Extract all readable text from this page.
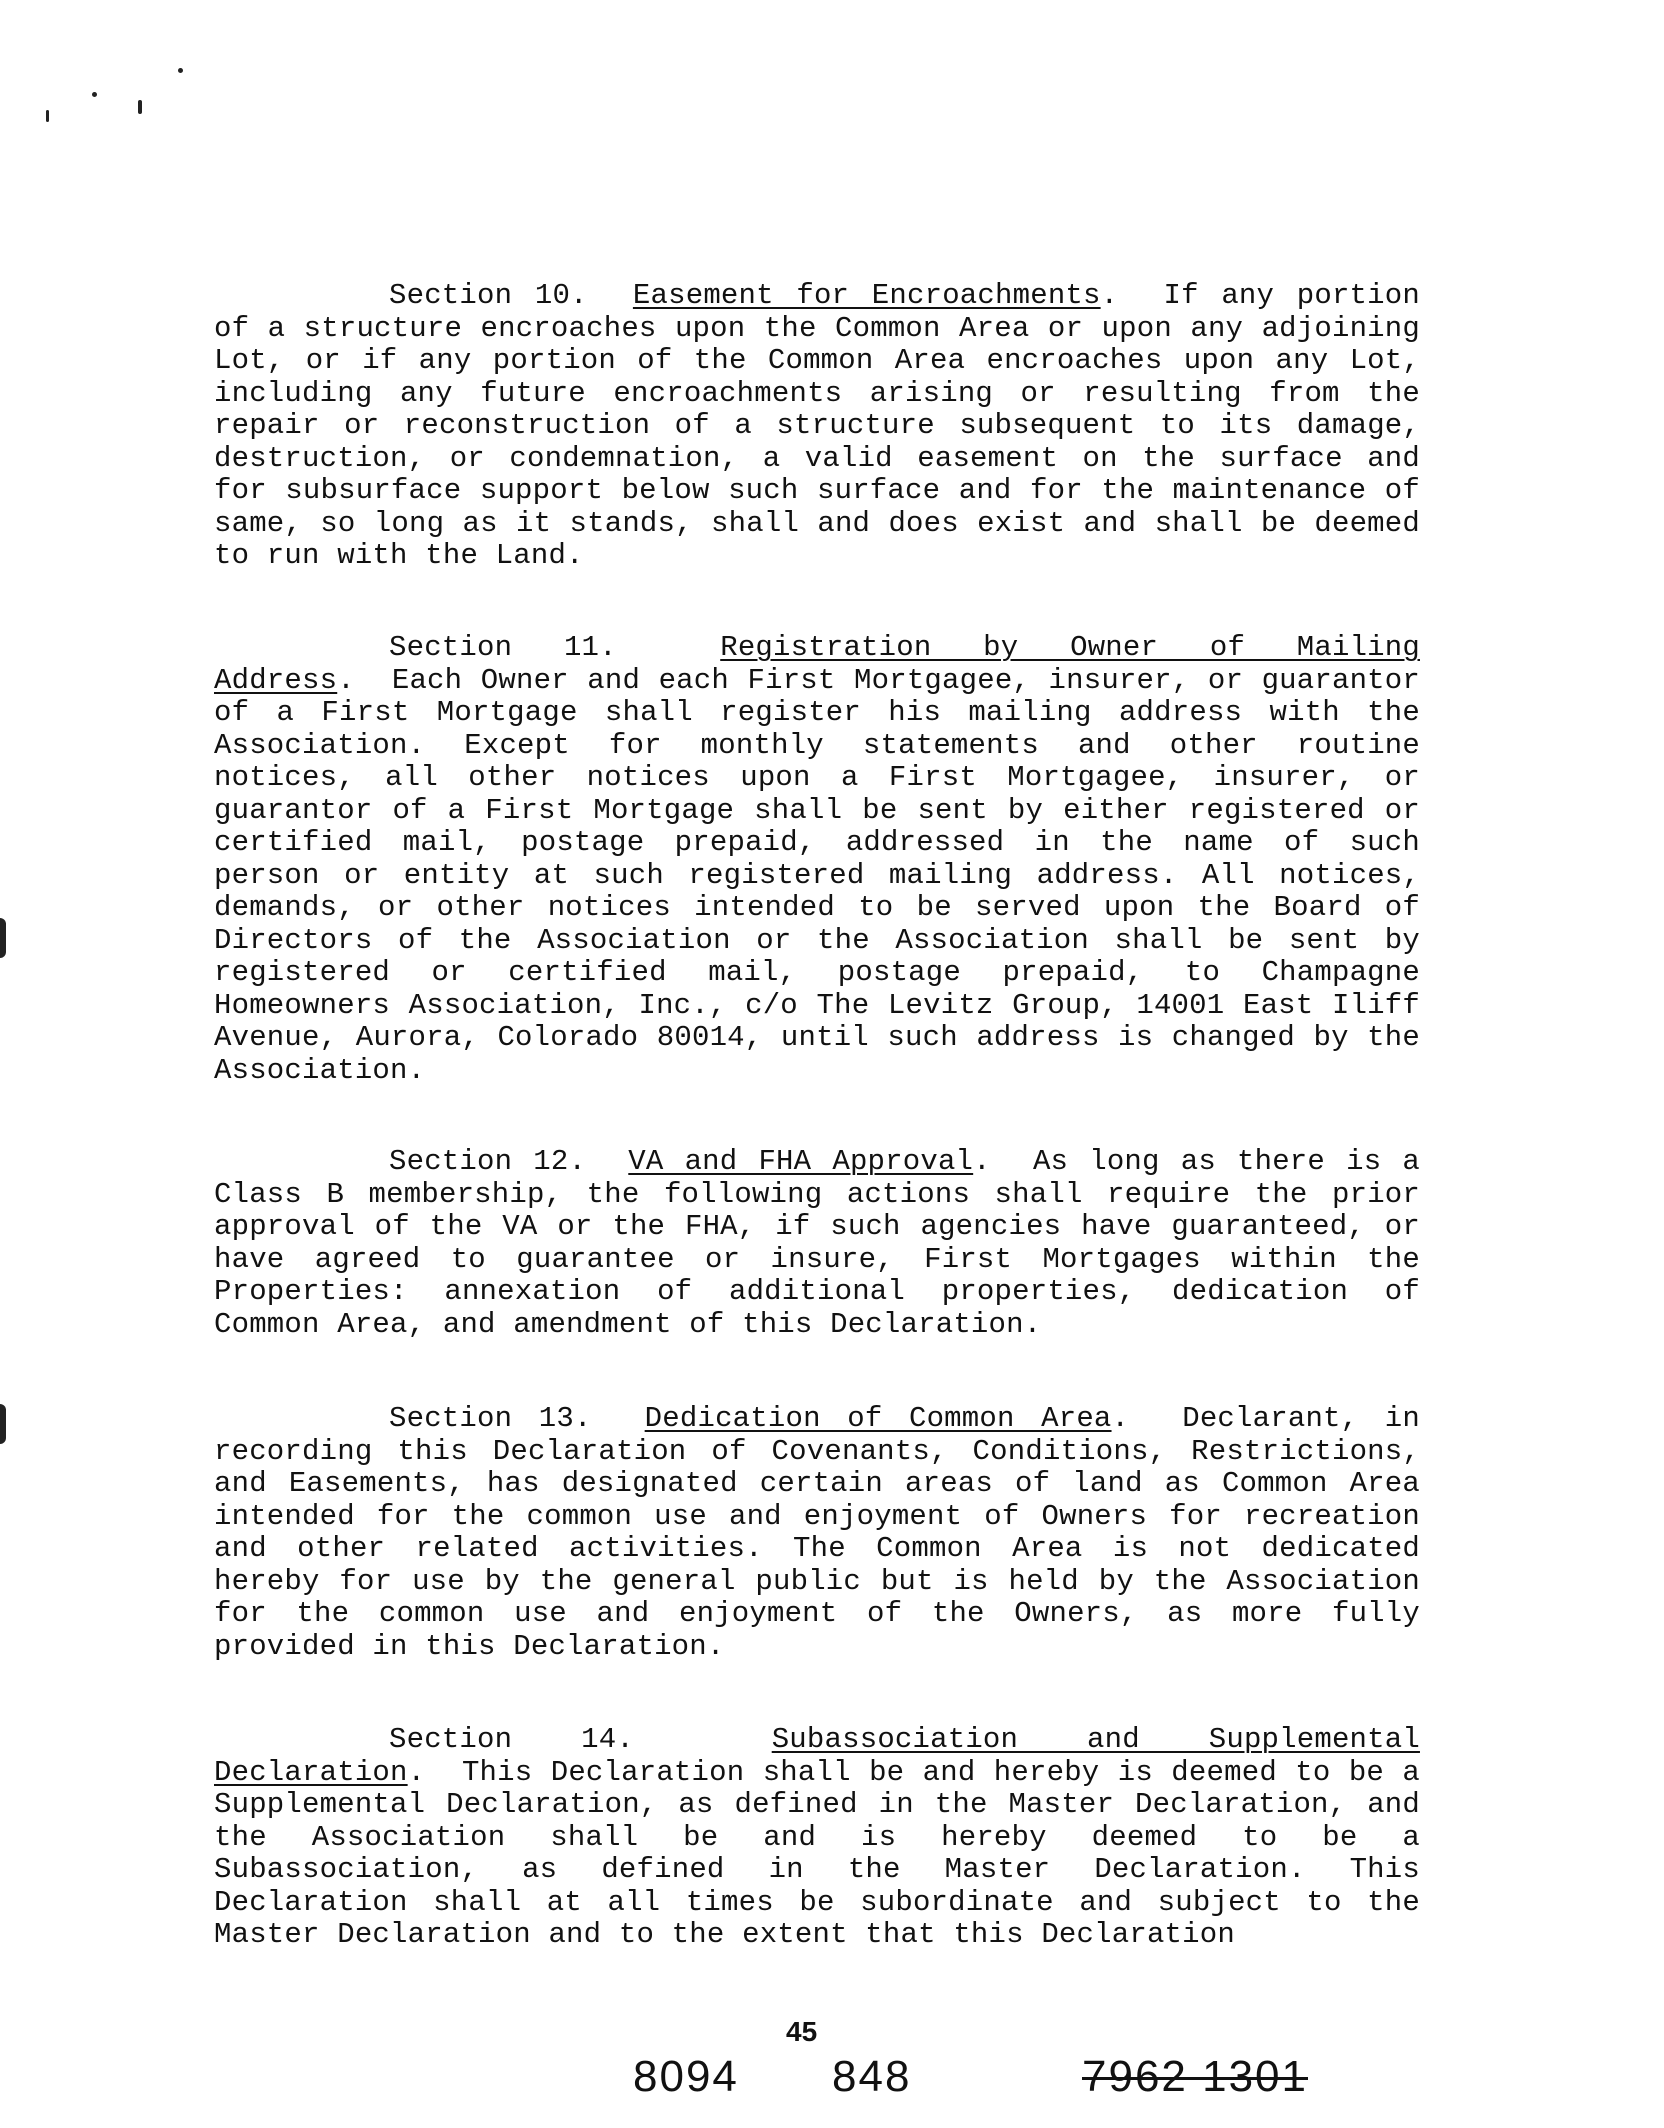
Section 10. Easement for Encroachments.  If any portion of a structure encroaches upon the Common Area or upon any adjoining Lot, or if any portion of the Common Area encroaches upon any Lot, including any future encroachments arising or resulting from the repair or reconstruction of a structure subsequent to its damage, destruction, or condemnation, a valid easement on the surface and for subsurface support below such surface and for the maintenance of same, so long as it stands, shall and does exist and shall be deemed to run with the Land.

Section 11.	Registration by Owner of Mailing Address.  Each Owner and each First Mortgagee, insurer, or guarantor of a First Mortgage shall register his mailing address with the Association. Except for monthly statements and other routine notices, all other notices upon a First Mortgagee, insurer, or guarantor of a First Mortgage shall be sent by either registered or certified mail, postage prepaid, addressed in the name of such person or entity at such registered mailing address. All notices, demands, or other notices intended to be served upon the Board of Directors of the Association or the Association shall be sent by registered or certified mail, postage prepaid, to Champagne Homeowners Association, Inc., c/o The Levitz Group, 14001 East Iliff Avenue, Aurora, Colorado 80014, until such address is changed by the Association.

Section 12. VA and FHA Approval.  As long as there is a Class B membership, the following actions shall require the prior approval of the VA or the FHA, if such agencies have guaranteed, or have agreed to guarantee or insure, First Mortgages within the Properties: annexation of additional properties, dedication of Common Area, and amendment of this Declaration.

Section 13. Dedication of Common Area.  Declarant, in recording this Declaration of Covenants, Conditions, Restrictions, and Easements, has designated certain areas of land as Common Area intended for the common use and enjoyment of Owners for recreation and other related activities. The Common Area is not dedicated hereby for use by the general public but is held by the Association for the common use and enjoyment of the Owners, as more fully provided in this Declaration.

Section 14.	Subassociation and Supplemental Declaration.  This Declaration shall be and hereby is deemed to be a Supplemental Declaration, as defined in the Master Declaration, and the Association shall be and is hereby deemed to be a Subassociation, as defined in the Master Declaration. This Declaration shall at all times be subordinate and subject to the Master Declaration and to the extent that this Declaration

45
8094 848	7962 1301
